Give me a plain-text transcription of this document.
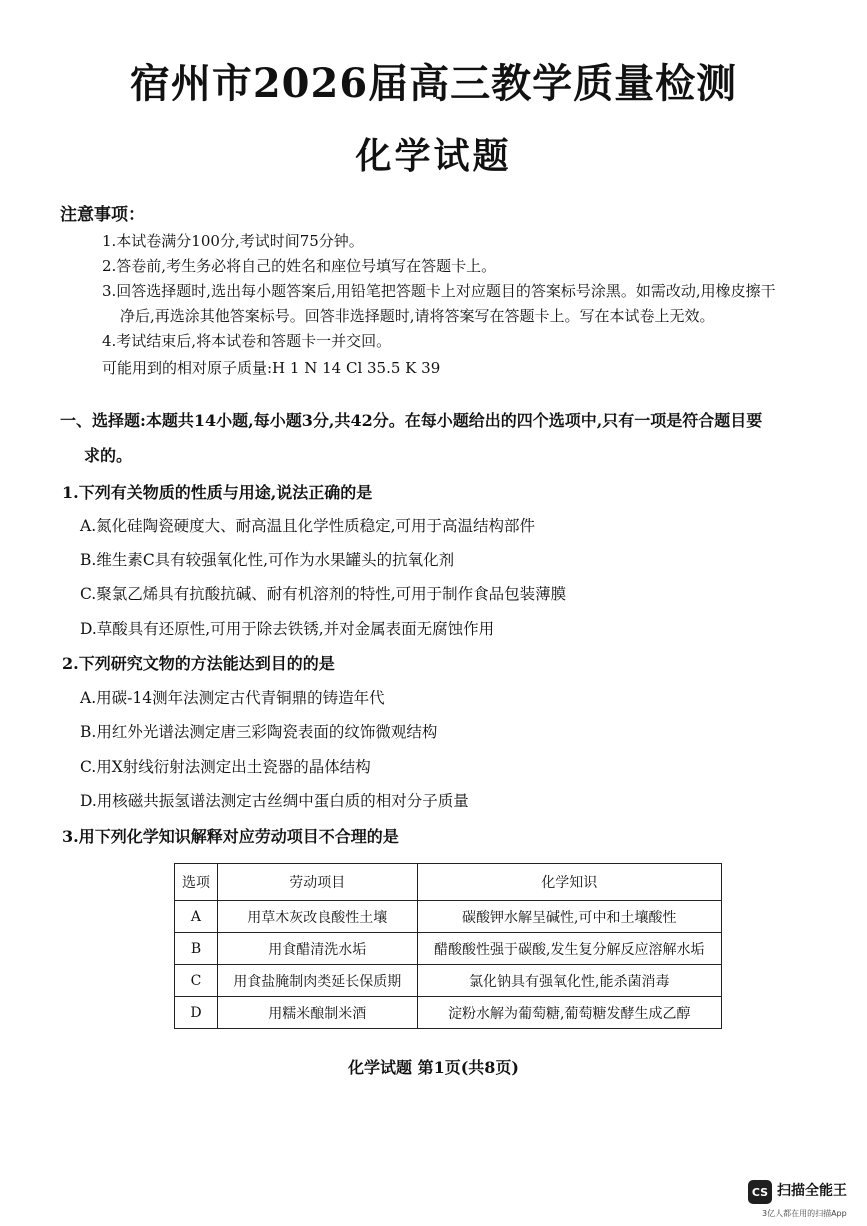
宿州市2026届高三教学质量检测
化学试题
注意事项：
1.本试卷满分100分,考试时间75分钟。
2.答卷前,考生务必将自己的姓名和座位号填写在答题卡上。
3.回答选择题时,选出每小题答案后,用铅笔把答题卡上对应题目的答案标号涂黑。如需改动,用橡皮擦干
净后,再选涂其他答案标号。回答非选择题时,请将答案写在答题卡上。写在本试卷上无效。
4.考试结束后,将本试卷和答题卡一并交回。
可能用到的相对原子质量:H 1 N 14 Cl 35.5 K 39
一、选择题:本题共14小题,每小题3分,共42分。在每小题给出的四个选项中,只有一项是符合题目要
求的。
1.下列有关物质的性质与用途,说法正确的是
A.氮化硅陶瓷硬度大、耐高温且化学性质稳定,可用于高温结构部件
B.维生素C具有较强氧化性,可作为水果罐头的抗氧化剂
C.聚氯乙烯具有抗酸抗碱、耐有机溶剂的特性,可用于制作食品包装薄膜
D.草酸具有还原性,可用于除去铁锈,并对金属表面无腐蚀作用
2.下列研究文物的方法能达到目的的是
A.用碳-14测年法测定古代青铜鼎的铸造年代
B.用红外光谱法测定唐三彩陶瓷表面的纹饰微观结构
C.用X射线衍射法测定出土瓷器的晶体结构
D.用核磁共振氢谱法测定古丝绸中蛋白质的相对分子质量
3.用下列化学知识解释对应劳动项目不合理的是
选项	劳动项目	化学知识
A	用草木灰改良酸性土壤	碳酸钾水解呈碱性,可中和土壤酸性
B	用食醋清洗水垢	醋酸酸性强于碳酸,发生复分解反应溶解水垢
C	用食盐腌制肉类延长保质期	氯化钠具有强氧化性,能杀菌消毒
D	用糯米酿制米酒	淀粉水解为葡萄糖,葡萄糖发酵生成乙醇
化学试题 第1页(共8页)
CS 扫描全能王
3亿人都在用的扫描App
